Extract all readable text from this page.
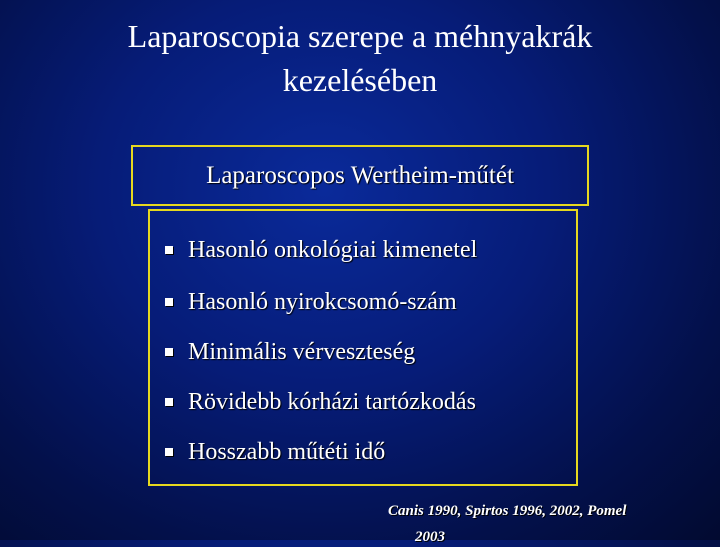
Laparoscopia szerepe a méhnyakrák
kezelésében
Laparoscopos Wertheim-műtét
Hasonló onkológiai kimenetel
Hasonló nyirokcsomó-szám
Minimális vérveszteség
Rövidebb kórházi tartózkodás
Hosszabb műtéti idő
Canis 1990, Spirtos 1996, 2002, Pomel
2003
